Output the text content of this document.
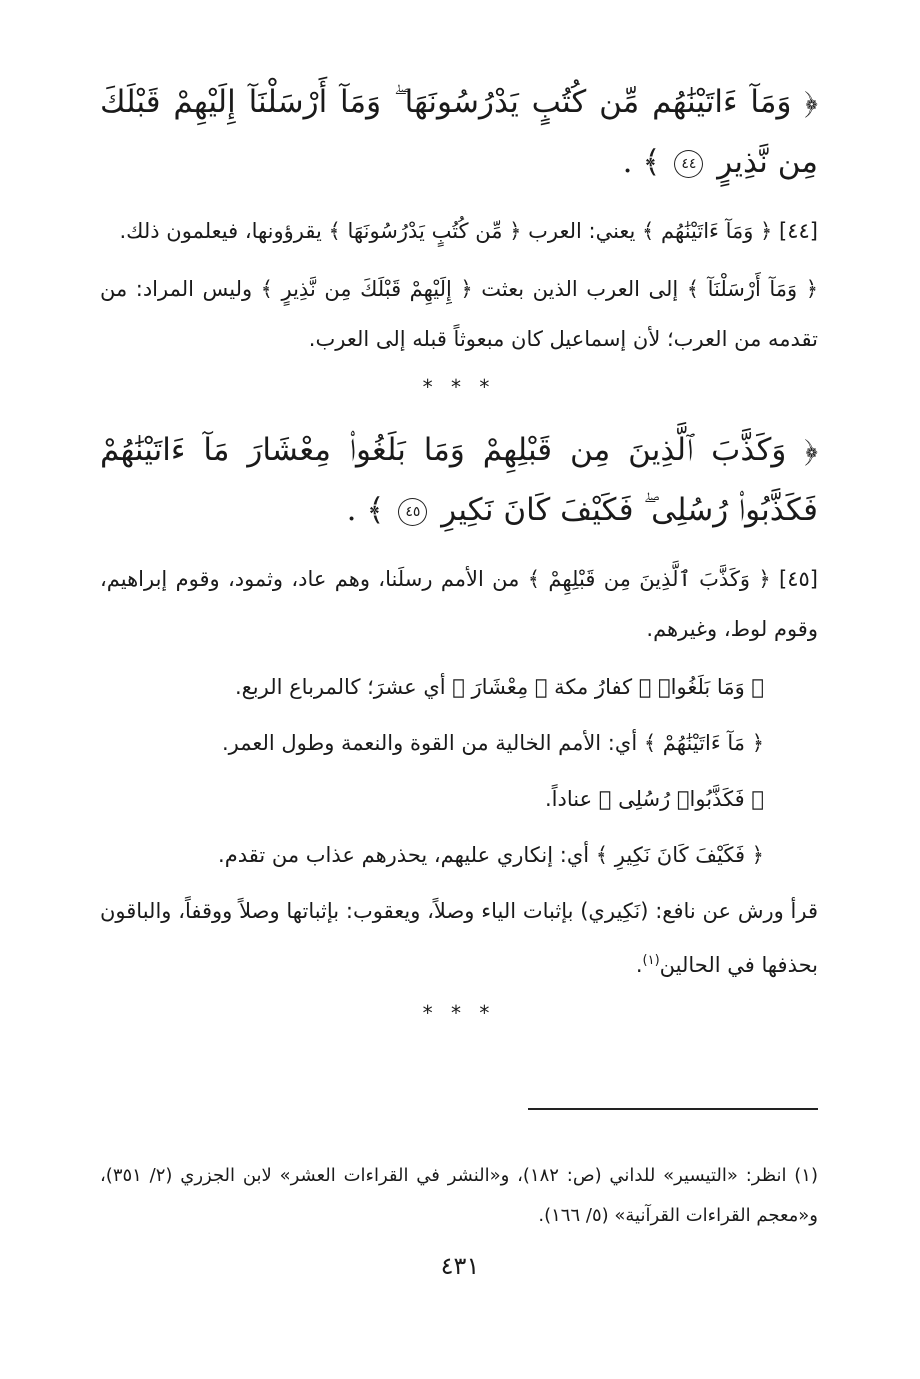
﴿ وَمَآ ءَاتَيْنَٰهُم مِّن كُتُبٍ يَدْرُسُونَهَا ۖ وَمَآ أَرْسَلْنَآ إِلَيْهِمْ قَبْلَكَ مِن نَّذِيرٍ ٤٤ ﴾ .

[٤٤] ﴿ وَمَآ ءَاتَيْنَٰهُم ﴾ يعني: العرب ﴿ مِّن كُتُبٍ يَدْرُسُونَهَا ﴾ يقرؤونها، فيعلمون ذلك.

﴿ وَمَآ أَرْسَلْنَآ ﴾ إلى العرب الذين بعثت ﴿ إِلَيْهِمْ قَبْلَكَ مِن نَّذِيرٍ ﴾ وليس المراد: من تقدمه من العرب؛ لأن إسماعيل كان مبعوثاً قبله إلى العرب.

* * *

﴿ وَكَذَّبَ ٱلَّذِينَ مِن قَبْلِهِمْ وَمَا بَلَغُوا۟ مِعْشَارَ مَآ ءَاتَيْنَٰهُمْ فَكَذَّبُوا۟ رُسُلِى ۖ فَكَيْفَ كَانَ نَكِيرِ ٤٥ ﴾ .

[٤٥] ﴿ وَكَذَّبَ ٱلَّذِينَ مِن قَبْلِهِمْ ﴾ من الأمم رسلَنا، وهم عاد، وثمود، وقوم إبراهيم، وقوم لوط، وغيرهم.

﴿ وَمَا بَلَغُوا۟ ﴾ كفارُ مكة ﴿ مِعْشَارَ ﴾ أي عشرَ؛ كالمرباع الربع.

﴿ مَآ ءَاتَيْنَٰهُمْ ﴾ أي: الأمم الخالية من القوة والنعمة وطول العمر.

﴿ فَكَذَّبُوا۟ رُسُلِى ﴾ عناداً.

﴿ فَكَيْفَ كَانَ نَكِيرِ ﴾ أي: إنكاري عليهم، يحذرهم عذاب من تقدم.

قرأ ورش عن نافع: (نَكِيري) بإثبات الياء وصلاً، ويعقوب: بإثباتها وصلاً ووقفاً، والباقون بحذفها في الحالين$^{(١)}$.

* * *

(١) انظر: «التيسير» للداني (ص: ١٨٢)، و«النشر في القراءات العشر» لابن الجزري (٢/ ٣٥١)، و«معجم القراءات القرآنية» (٥/ ١٦٦).

٤٣١
